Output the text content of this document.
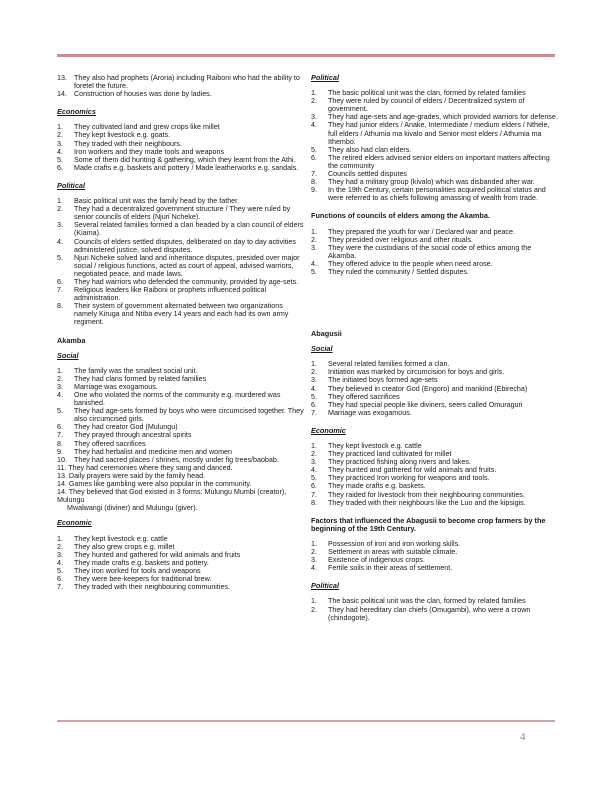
13. They also had prophets (Aroria) including Raiboni who had the ability to foretel the future.
14. Construction of houses was done by ladies.
Economics
1.	They cultivated land and grew crops like millet
2.	They kept livestock e.g. goats.
3.	They traded with their neighbours.
4.	Iron workers and they made tools and weapons
5.	Some of them did hunting & gathering, which they learnt from the Athi.
6.	Made crafts e.g. baskets and pottery / Made leatherworks e.g. sandals.
Political
1.	Basic political unit was the family head by the father.
2.	They had a decentralized government structure / They were ruled by senior councils of elders (Njuri Ncheke).
3.	Several related families formed a clan headed by a clan council of elders (Kiama).
4.	Councils of elders settled disputes, deliberated on day to day activities administered justice, solved disputes.
5.	Njuri Ncheke solved land and inheritance disputes, presided over major social / religious functions, acted as court of appeal, advised warriors, negotiated peace, and made laws.
6.	They had warriors who defended the community, provided by age-sets.
7.	Religious leaders like Raiboni or prophets influenced political administration.
8.	Their system of government alternated between two organizations namely Kiruga and Ntiba every 14 years and each had its own army regiment.
Akamba
Social
1.	The family was the smallest social unit.
2.	They had clans formed by related families
3.	Marriage was exogamous.
4.	One who violated the norms of the community e.g. murdered was banished.
5.	They had age-sets formed by boys who were circumcised together. They also circumcised girls.
6.	They had creator God (Mulungu)
7.	They prayed through ancestral spirits
8.	They offered sacrifices
9.	They had herbalist and medicine men and women
10. They had sacred places / shrines, mostly under fig trees/baobab.

11. They had ceremonies where they sang and danced.

13. Daily prayers were said by the family head.

14. Games like gambling were also popular in the community.

14. They believed that God existed in 3 forms: Mulungu Mumbi (creator), Mulungu

Mwalwangi (diviner) and Mulungu (giver).

Economic
1.	They kept livestock e.g. cattle
2.	They also grew crops e.g. millet
3.	They hunted and gathered for wild animals and fruits
4.	They made crafts e.g. baskets and pottery.
5.	They iron worked for tools and weapons
6.	They were bee-keepers for traditional brew.
7.	They traded with their neighbouring communities.
Political
1.	The basic political unit was the clan, formed by related families
2.	They were ruled by council of elders / Decentralized system of government.
3.	They had age-sets and age-grades, which provided warriors for defense.
4.	They had junior elders / Anake, Intermediate / medium elders / Nthele, full elders / Athumia ma kivalo and Senior most elders / Athumia ma Ithembo.
5.	They also had clan elders.
6.	The retired elders advised senior elders on important matters affecting the community
7.	Councils settled disputes
8.	They had a military group (kivalo) which was disbanded after war.
9.	In the 19th Century, certain personalities acquired political status and were referred to as chiefs following amassing of wealth from trade.
Functions of councils of elders among the Akamba.
1.	They prepared the youth for war / Declared war and peace.
2.	They presided over religious and other rituals.
3.	They were the custodians of the social code of ethics among the Akamba.
4.	They offered advice to the people when need arose.
5.	They ruled the community / Settled disputes.
Abagusii
Social
1.	Several related families formed a clan.
2.	Initiation was marked by circumcision for boys and girls.
3.	The initiated boys formed age-sets
4.	They believed in creator God (Engoro) and mankind (Ebirecha)
5.	They offered sacrifices
6.	They had special people like diviners, seers called Omuraguri
7.	Marriage was exogamous.
Economic
1.	They kept livestock e.g. cattle
2.	They practiced land cultivated for millet
3.	They practiced fishing along rivers and lakes.
4.	They hunted and gathered for wild animals and fruits.
5.	They practiced Iron working for weapons and tools.
6.	They made crafts e.g. baskets.
7.	They raided for livestock from their neighbouring communities.
8.	They traded with their neighbours like the Luo and the kipsigis.
Factors that influenced the Abagusii to become crop farmers by the beginning of the 19th Century.
1.	Possession of iron and iron working skills.
2.	Settlement in areas with suitable climate.
3.	Existence of indigenous crops.
4.	Fertile soils in their areas of settlement.
Political
1.	The basic political unit was the clan, formed by related families
2.	They had hereditary clan chiefs (Omugambi), who were a crown (chindogote).
4
